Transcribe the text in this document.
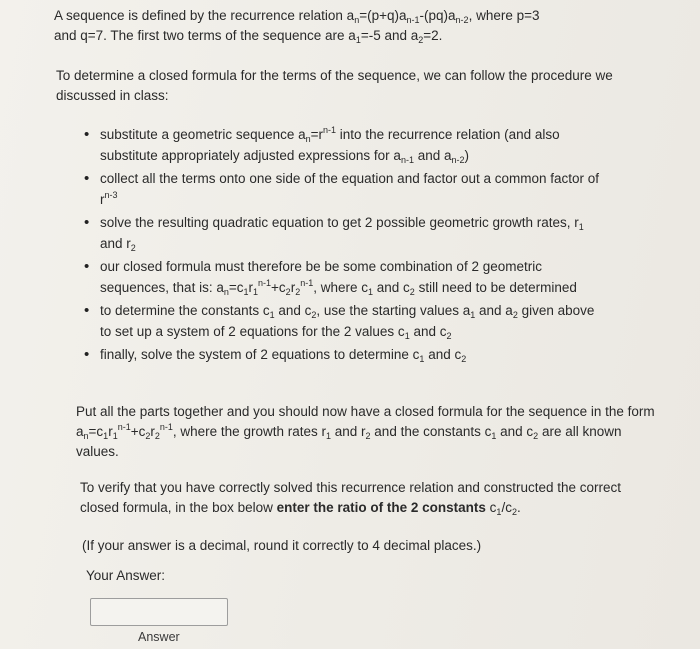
A sequence is defined by the recurrence relation $a_n=(p+q)a_{n-1}-(pq)a_{n-2}$, where p=3
and q=7. The first two terms of the sequence are $a_1=-5$ and $a_2=2$.
To determine a closed formula for the terms of the sequence, we can follow the procedure we discussed in class:
• substitute a geometric sequence $a_n=r^{n-1}$ into the recurrence relation (and also substitute appropriately adjusted expressions for $a_{n-1}$ and $a_{n-2}$)
• collect all the terms onto one side of the equation and factor out a common factor of $r^{n-3}$
• solve the resulting quadratic equation to get 2 possible geometric growth rates, $r_1$ and $r_2$
• our closed formula must therefore be be some combination of 2 geometric sequences, that is: $a_n=c_1r_1^{n-1}+c_2r_2^{n-1}$, where $c_1$ and $c_2$ still need to be determined
• to determine the constants $c_1$ and $c_2$, use the starting values $a_1$ and $a_2$ given above to set up a system of 2 equations for the 2 values $c_1$ and $c_2$
• finally, solve the system of 2 equations to determine $c_1$ and $c_2$
Put all the parts together and you should now have a closed formula for the sequence in the form $a_n=c_1r_1^{n-1}+c_2r_2^{n-1}$, where the growth rates $r_1$ and $r_2$ and the constants $c_1$ and $c_2$ are all known values.
To verify that you have correctly solved this recurrence relation and constructed the correct closed formula, in the box below enter the ratio of the 2 constants $c_1/c_2$.
(If your answer is a decimal, round it correctly to 4 decimal places.)
Your Answer:
Answer
